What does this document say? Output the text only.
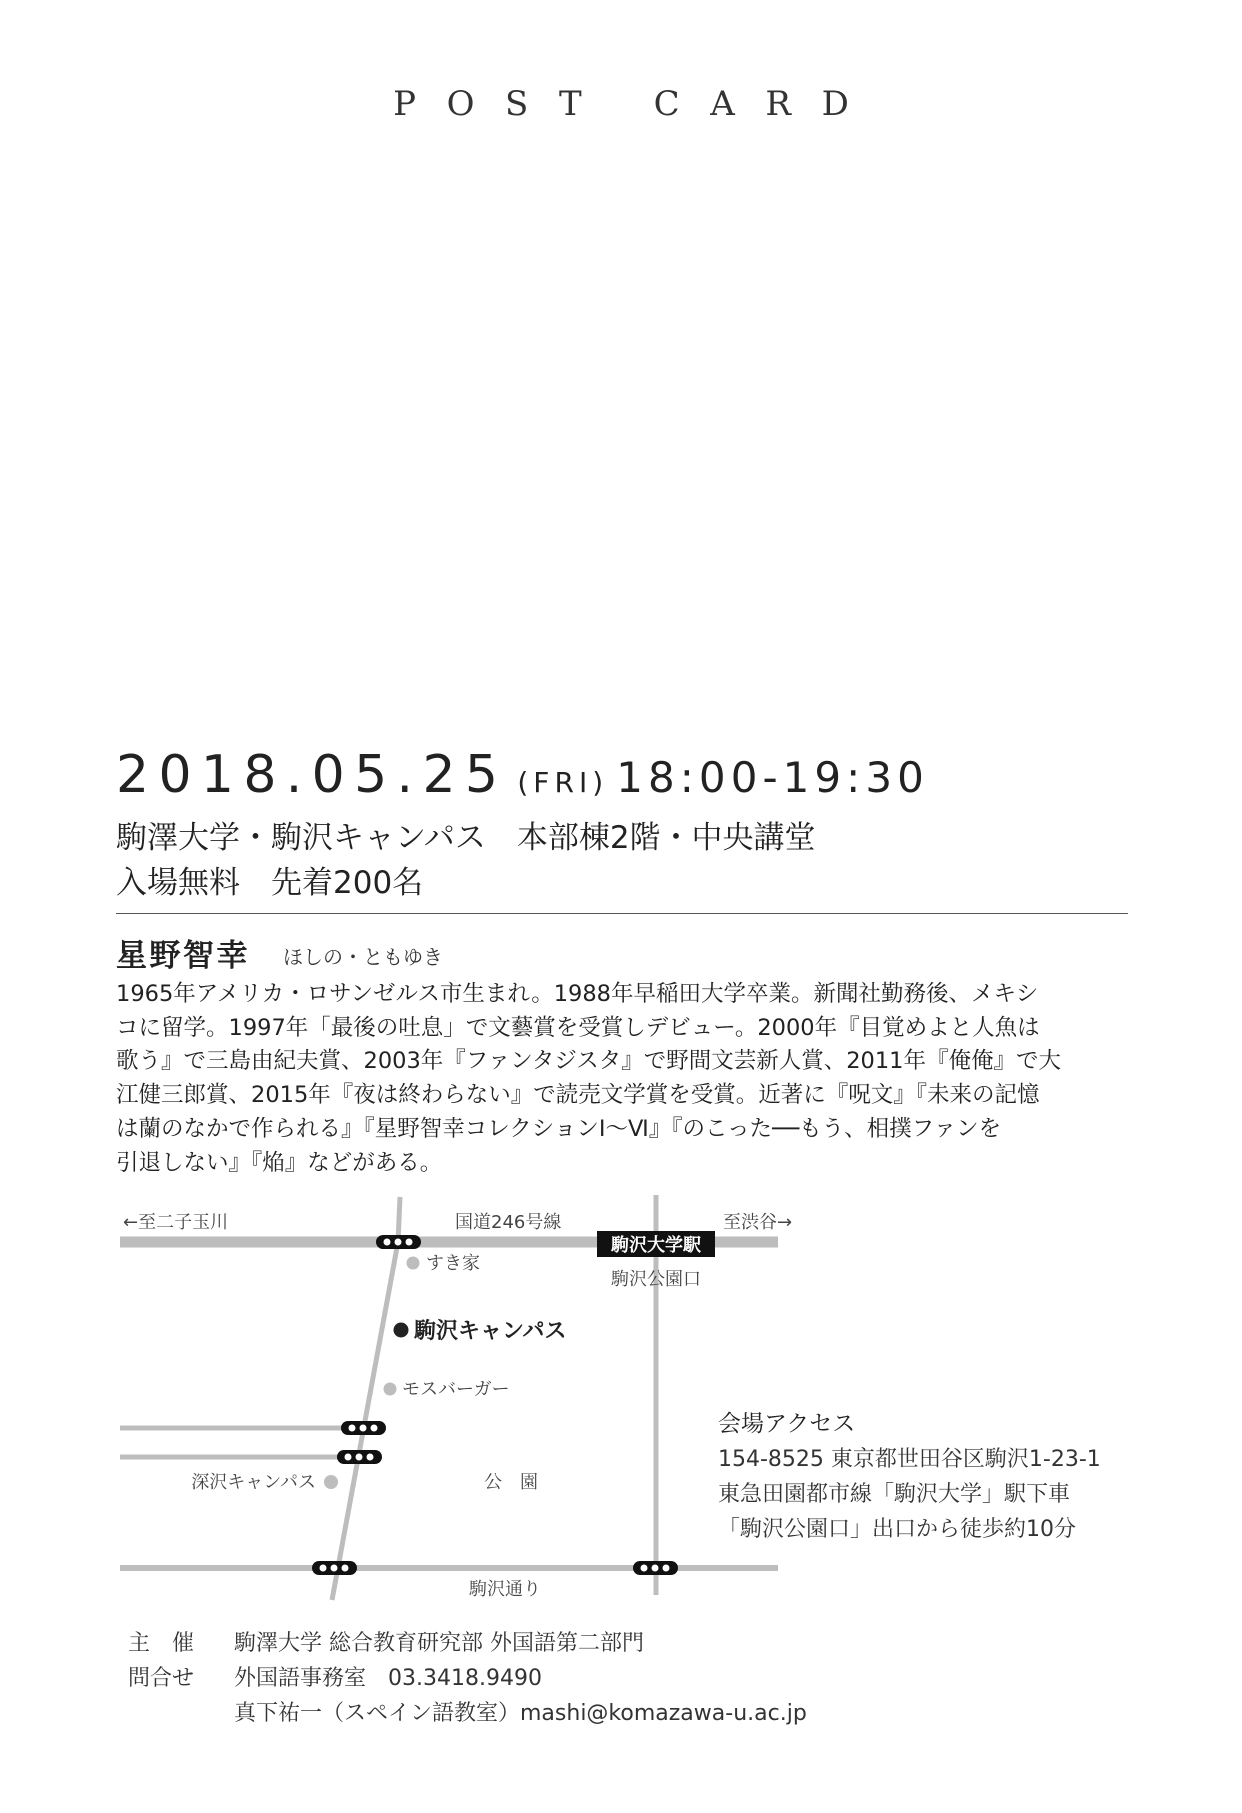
POST CARD
2018.05.25 (FRI) 18:00-19:30
駒澤大学・駒沢キャンパス　本部棟2階・中央講堂
入場無料　先着200名
星野智幸 ほしの・ともゆき
1965年アメリカ・ロサンゼルス市生まれ。1988年早稲田大学卒業。新聞社勤務後、メキシ
コに留学。1997年「最後の吐息」で文藝賞を受賞しデビュー。2000年『目覚めよと人魚は
歌う』で三島由紀夫賞、2003年『ファンタジスタ』で野間文芸新人賞、2011年『俺俺』で大
江健三郎賞、2015年『夜は終わらない』で読売文学賞を受賞。近著に『呪文』『未来の記憶
は蘭のなかで作られる』『星野智幸コレクションⅠ〜Ⅵ』『のこった──もう、相撲ファンを
引退しない』『焔』などがある。
駒沢大学駅
駒沢公園口
←至二子玉川	国道246号線	至渋谷→
すき家
駒沢キャンパス
モスバーガー
深沢キャンパス	公　園
駒沢通り
会場アクセス
154-8525 東京都世田谷区駒沢1-23-1
東急田園都市線「駒沢大学」駅下車
「駒沢公園口」出口から徒歩約10分
主　催 駒澤大学 総合教育研究部 外国語第二部門
問合せ 外国語事務室　03.3418.9490
真下祐一（スペイン語教室）mashi@komazawa-u.ac.jp
